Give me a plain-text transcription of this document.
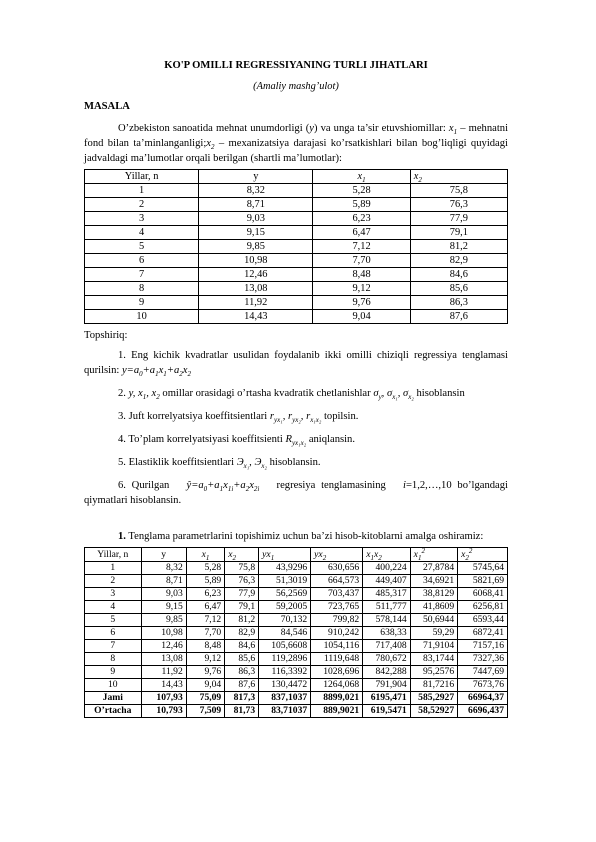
KO'P OMILLI REGRESSIYANING TURLI JIHATLARI
(Amaliy mashg’ulot)
MASALA

O’zbekiston sanoatida mehnat unumdorligi (y) va unga ta’sir etuvshiomillar: $x_1$ – mehnatni fond bilan $ta’minlanganligi;x_2$ – mexanizatsiya darajasi ko’rsatkishlari bilan bog’liqligi quyidagi jadvaldagi ma’lumotlar orqali berilgan (shartli ma’lumotlar):

Yillar, n	y	$x_1$	$x_2$
1	8,32	5,28	75,8
2	8,71	5,89	76,3
3	9,03	6,23	77,9
4	9,15	6,47	79,1
5	9,85	7,12	81,2
6	10,98	7,70	82,9
7	12,46	8,48	84,6
8	13,08	9,12	85,6
9	11,92	9,76	86,3
10	14,43	9,04	87,6

Topshiriq:

1. Eng kichik kvadratlar usulidan foydalanib ikki omilli chiziqli regressiya tenglamasi qurilsin: $y=a_0+a_1x_1+a_2x_2$

2. y, $x_1$, $x_2$ omillar orasidagi o’rtasha kvadratik chetlanishlar $\sigma_y$, $\sigma_{x_1}$, $\sigma_{x_2}$ hisoblansin

3. Juft korrelyatsiya koeffitsientlari $r_{yx_1}$, $r_{yx_2}$, $r_{x_1x_2}$ topilsin.

4. To’plam korrelyatsiyasi koeffitsienti $R_{yx_1x_2}$ aniqlansin.

5. Elastiklik koeffitsientlari $Э_{x_1}$, $Э_{x_2}$ hisoblansin.

6. Qurilgan $ŷ=a_0+a_1x_{1i}+a_2x_{2i}$ regresiya tenglamasining i=1,2,…,10 bo’lgandagi qiymatlari hisoblansin.

1. Tenglama parametrlarini topishimiz uchun ba’zi hisob-kitoblarni amalga oshiramiz:

Yillar, n	y	$x_1$	$x_2$	$yx_1$	$yx_2$	$x_1x_2$	$x_1^2$	$x_2^2$
1	8,32	5,28	75,8	43,9296	630,656	400,224	27,8784	5745,64
2	8,71	5,89	76,3	51,3019	664,573	449,407	34,6921	5821,69
3	9,03	6,23	77,9	56,2569	703,437	485,317	38,8129	6068,41
4	9,15	6,47	79,1	59,2005	723,765	511,777	41,8609	6256,81
5	9,85	7,12	81,2	70,132	799,82	578,144	50,6944	6593,44
6	10,98	7,70	82,9	84,546	910,242	638,33	59,29	6872,41
7	12,46	8,48	84,6	105,6608	1054,116	717,408	71,9104	7157,16
8	13,08	9,12	85,6	119,2896	1119,648	780,672	83,1744	7327,36
9	11,92	9,76	86,3	116,3392	1028,696	842,288	95,2576	7447,69
10	14,43	9,04	87,6	130,4472	1264,068	791,904	81,7216	7673,76
Jami	107,93	75,09	817,3	837,1037	8899,021	6195,471	585,2927	66964,37
O’rtacha	10,793	7,509	81,73	83,71037	889,9021	619,5471	58,52927	6696,437
